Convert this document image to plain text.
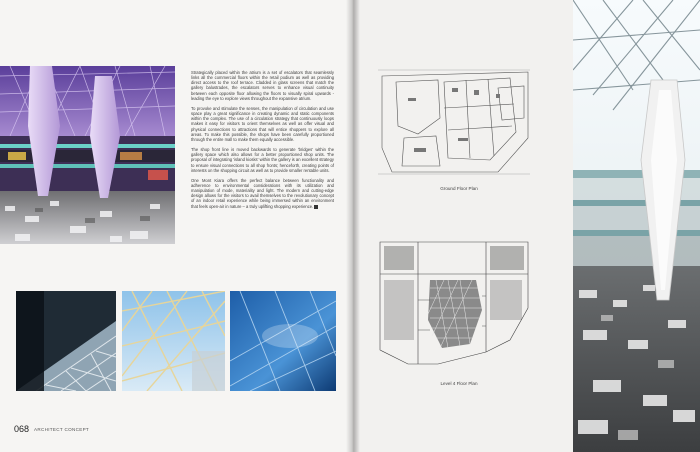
Strategically placed within the atrium is a set of escalators that seamlessly links all the commercial floors within the retail podium as well as providing direct access to the roof terrace. Cladded in glass screens that match the gallery balustrades, the escalators serves to enhance visual continuity between each opposite floor allowing the floors to visually spiral upwards - leading the eye to explore views throughout the expansive atrium.

To provoke and stimulate the senses, the manipulation of circulation and use space play a great significance in creating dynamic and static components within the complex. The use of a circulation strategy that continuously loops makes it easy for visitors to orient themselves as well as offer visual and physical connections to attractions that will entice shoppers to explore all areas. To make this possible, the shops have been carefully proportioned through the entire mall to make them equally accessible.

The shop front line is moved backwards to generate 'bridges' within the gallery space which also allows for a better proportioned shop units. The proposal of integrating 'island kiosks' within the gallery is an excellent strategy to ensure visual connections to all shop fronts; henceforth, creating points of interests on the shopping circuit as well as to provide smaller rentable units.

One Mont Kiara offers the perfect balance between functionality and adherence to environmental considerations with its utilization and manipulation of mode, materiality and light. The modern and cutting-edge design allows for the visitors to avail themselves to the revolutionary concept of an indoor retail experience while being immersed within an environment that feels open-air in nature – a truly uplifting shopping experience.

068 ARCHITECT CONCEPT
Ground Floor Plan
Level 4 Floor Plan
